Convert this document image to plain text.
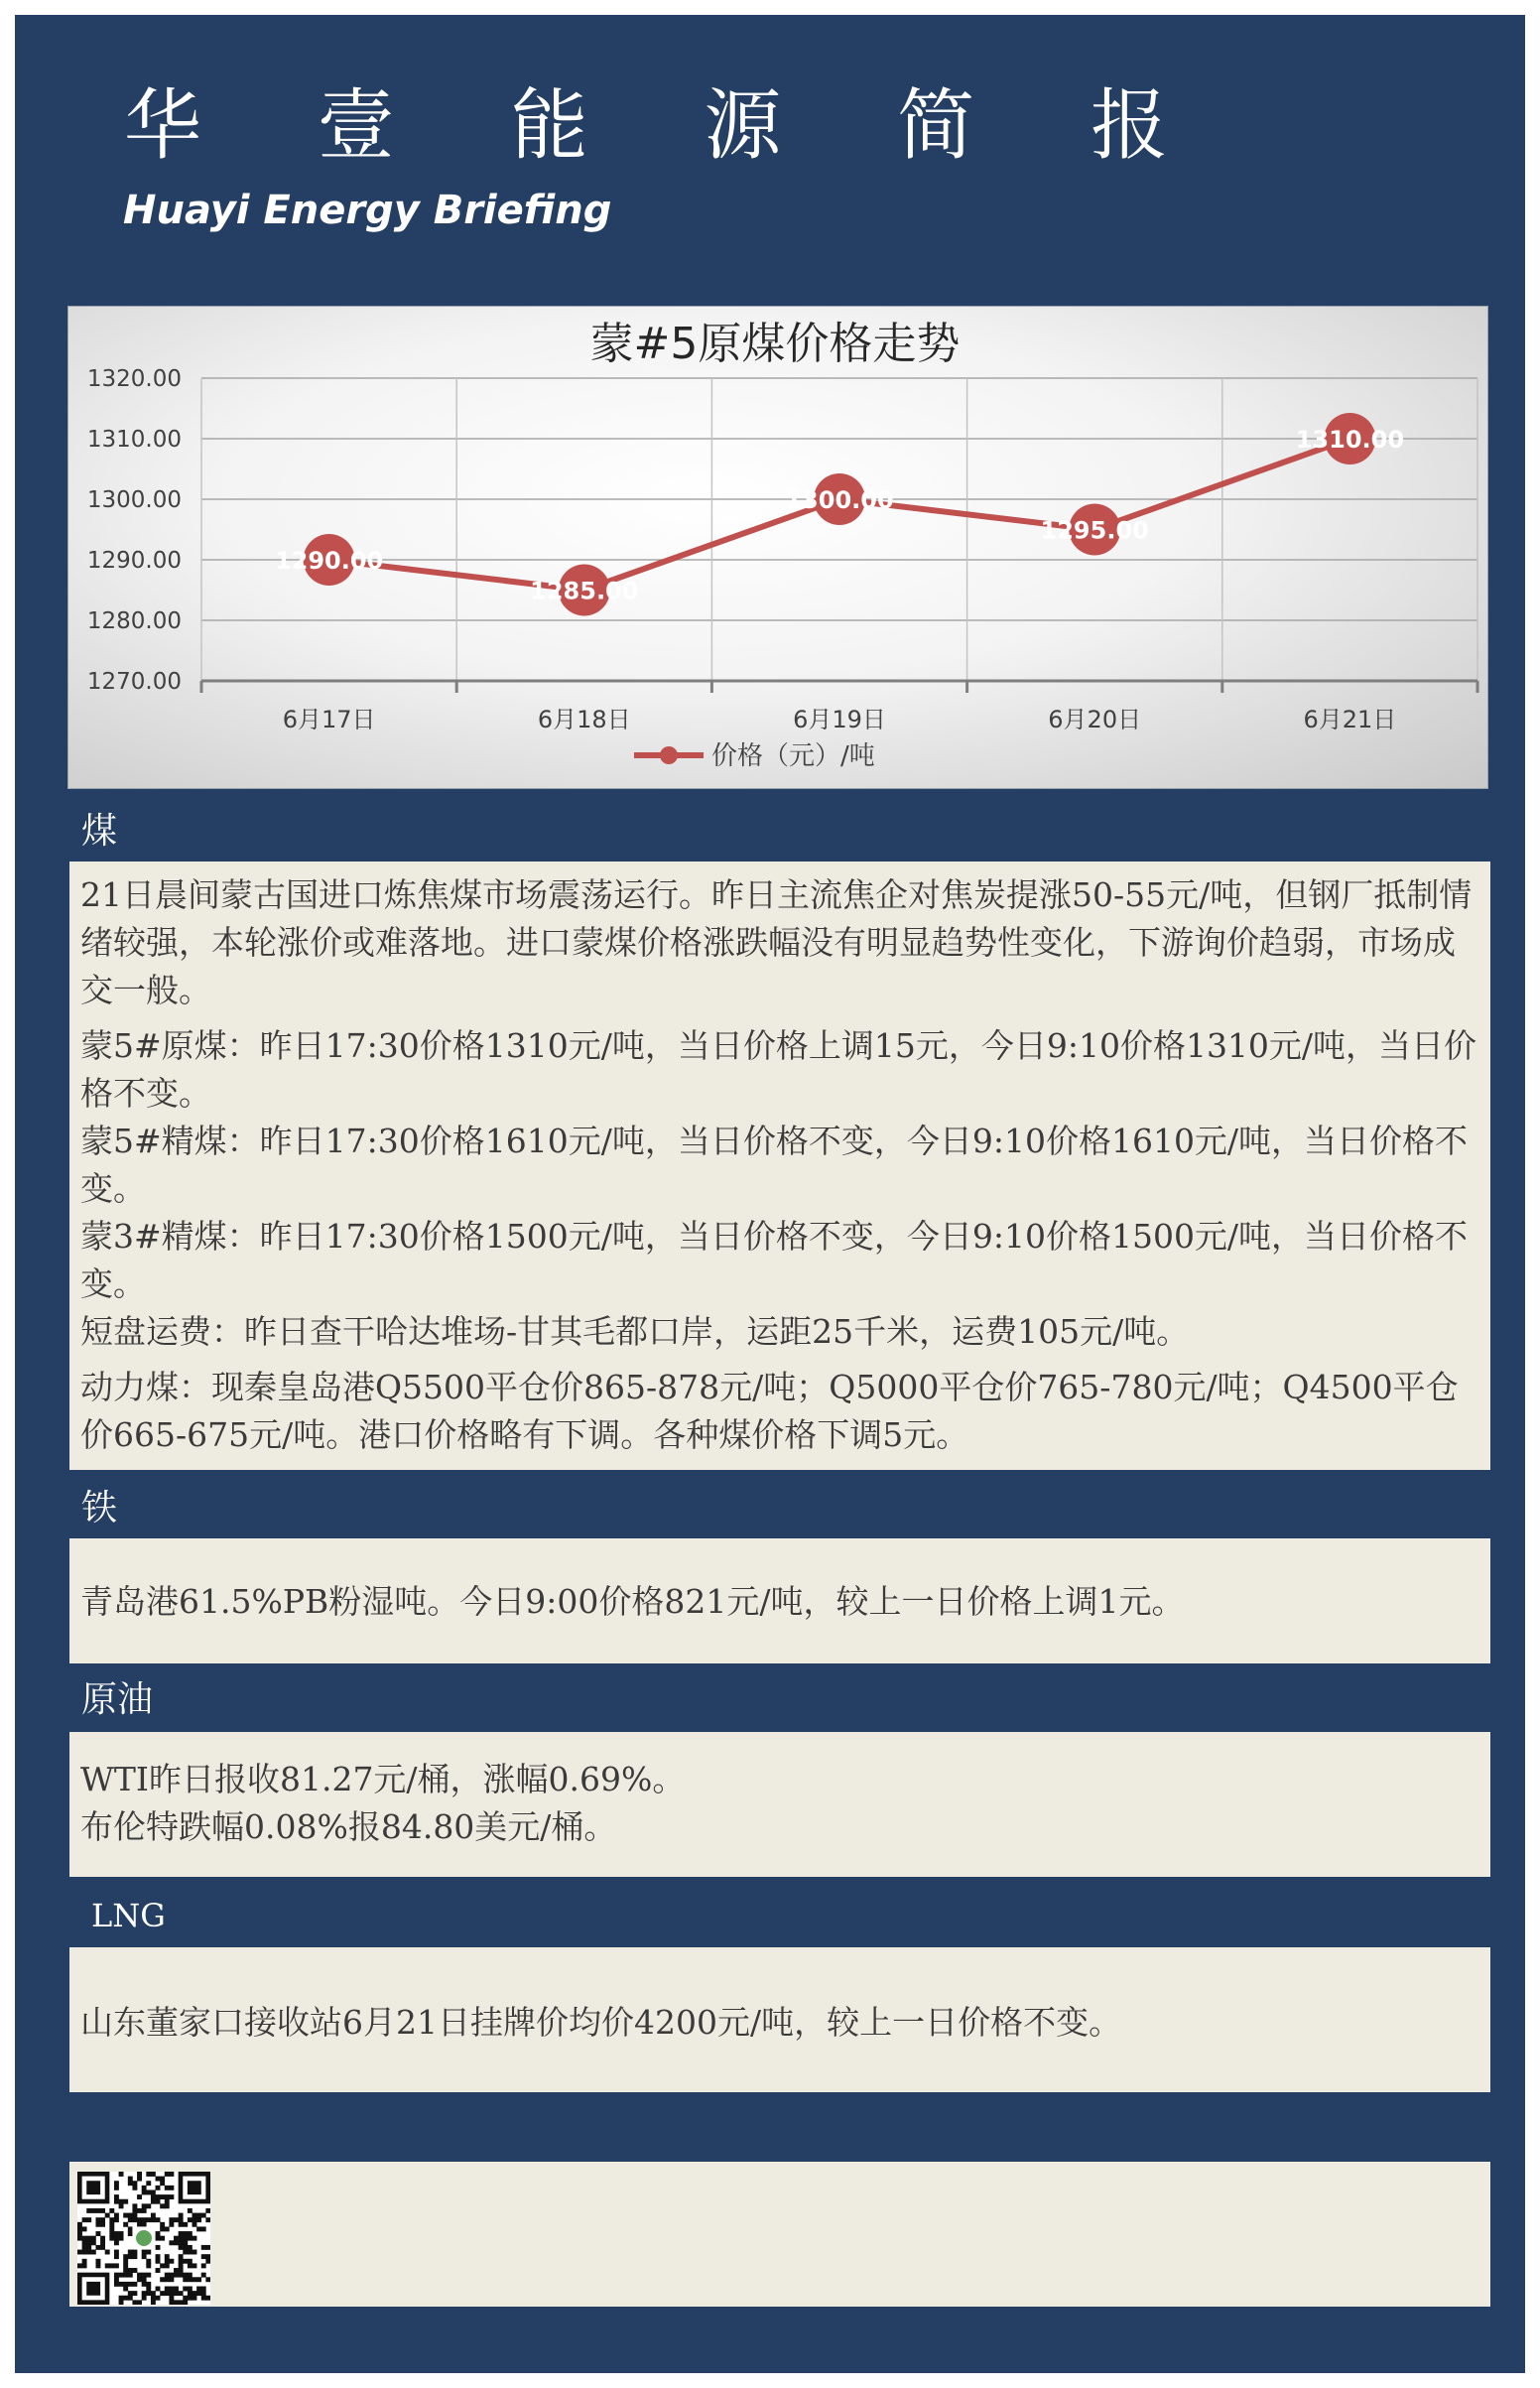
华 壹 能 源 简 报
Huayi Energy Briefing
1270.00
1280.00
1290.00
1300.00
1310.00
1320.00
6月17日	6月18日	6月19日	6月20日	6月21日
蒙#5原煤价格走势
1290.00
1285.00
1300.00
1295.00
1310.00
价格（元）/吨
煤

21日晨间蒙古国进口炼焦煤市场震荡运行。昨日主流焦企对焦炭提涨50-55元/吨，但钢厂抵制情绪较强，本轮涨价或难落地。进口蒙煤价格涨跌幅没有明显趋势性变化，下游询价趋弱，市场成交一般。

蒙5#原煤：昨日17:30价格1310元/吨，当日价格上调15元，今日9:10价格1310元/吨，当日价格不变。

蒙5#精煤：昨日17:30价格1610元/吨，当日价格不变，今日9:10价格1610元/吨，当日价格不变。

蒙3#精煤：昨日17:30价格1500元/吨，当日价格不变，今日9:10价格1500元/吨，当日价格不变。

短盘运费：昨日查干哈达堆场-甘其毛都口岸，运距25千米，运费105元/吨。

动力煤：现秦皇岛港Q5500平仓价865-878元/吨；Q5000平仓价765-780元/吨；Q4500平仓价665-675元/吨。港口价格略有下调。各种煤价格下调5元。

铁

青岛港61.5%PB粉湿吨。今日9:00价格821元/吨，较上一日价格上调1元。

原油

WTI昨日报收81.27元/桶，涨幅0.69%。

布伦特跌幅0.08%报84.80美元/桶。

LNG

山东董家口接收站6月21日挂牌价均价4200元/吨，较上一日价格不变。
